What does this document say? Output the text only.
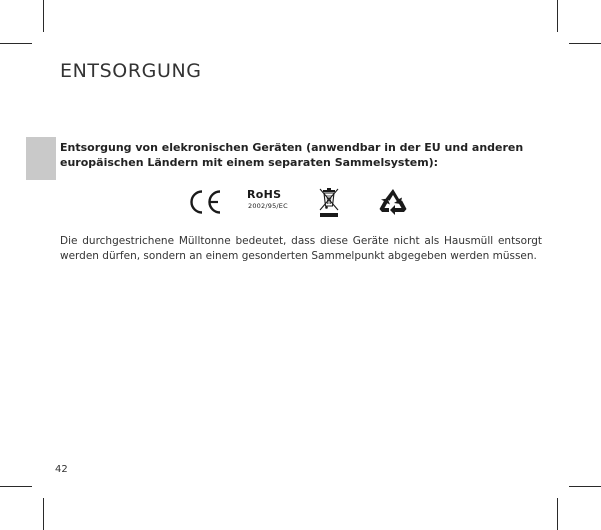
ENTSORGUNG

Entsorgung von elekronischen Geräten (anwendbar in der EU und anderen europäischen Ländern mit einem separaten Sammelsystem):

RoHS
2002/95/EC

Die durchgestrichene Mülltonne bedeutet, dass diese Geräte nicht als Hausmüll entsorgt werden dürfen, sondern an einem gesonderten Sammelpunkt abgegeben werden müssen.

42
